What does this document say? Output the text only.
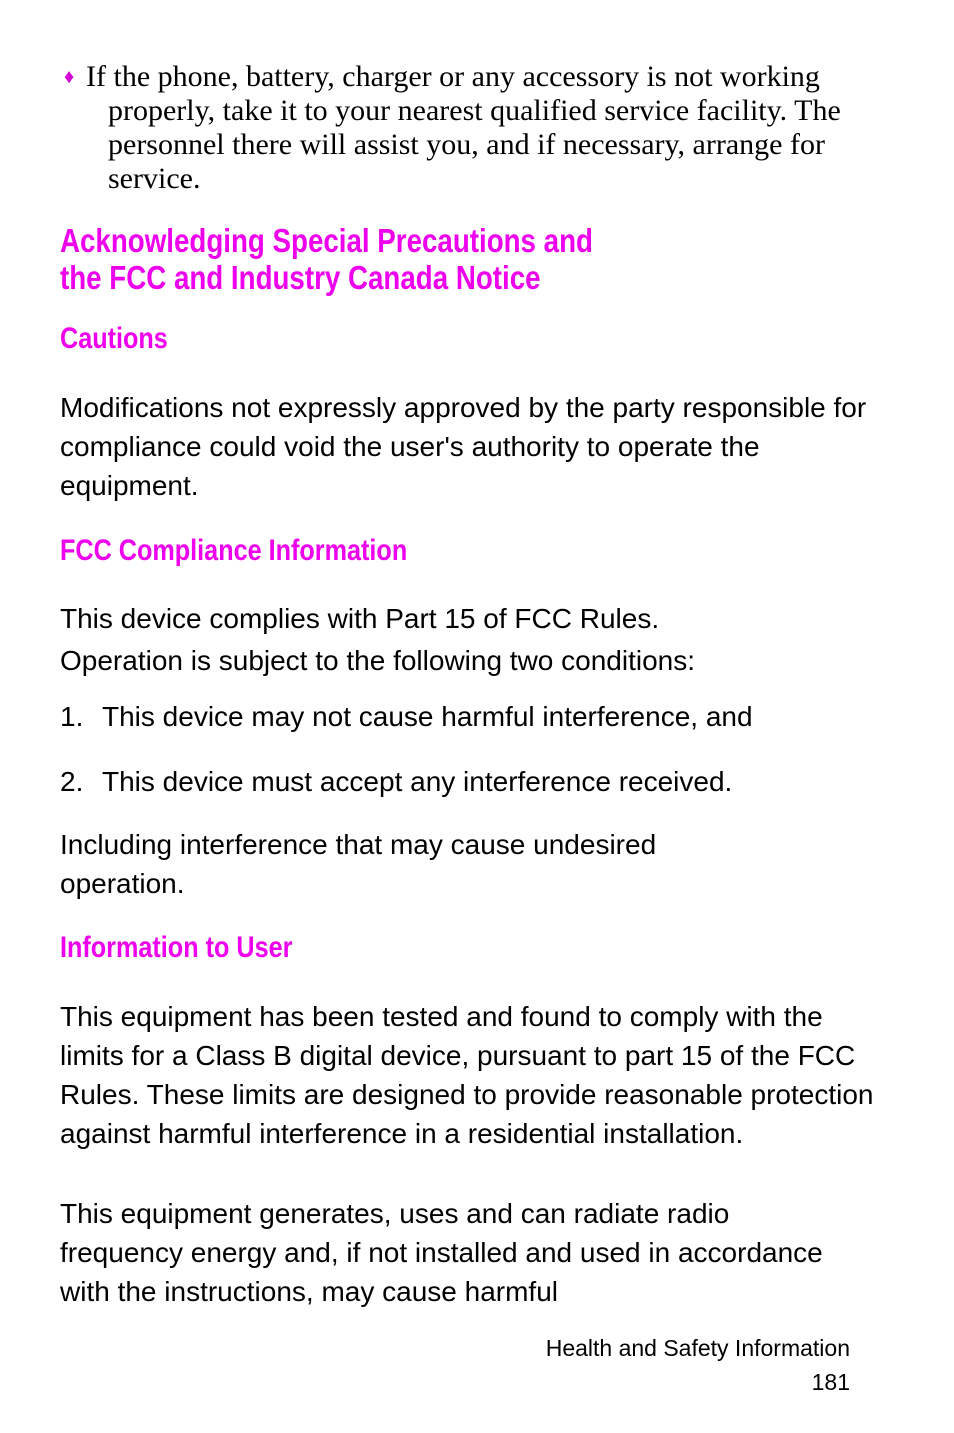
♦ If the phone, battery, charger or any accessory is not working properly, take it to your nearest qualified service facility. The personnel there will assist you, and if necessary, arrange for service.
Acknowledging Special Precautions and
the FCC and Industry Canada Notice
Cautions
Modifications not expressly approved by the party responsible for compliance could void the user's authority to operate the equipment.
FCC Compliance Information
This device complies with Part 15 of FCC Rules.
Operation is subject to the following two conditions:
1. This device may not cause harmful interference, and
2. This device must accept any interference received.
Including interference that may cause undesired operation.
Information to User
This equipment has been tested and found to comply with the limits for a Class B digital device, pursuant to part 15 of the FCC Rules. These limits are designed to provide reasonable protection against harmful interference in a residential installation.
This equipment generates, uses and can radiate radio frequency energy and, if not installed and used in accordance with the instructions, may cause harmful
Health and Safety Information
181
